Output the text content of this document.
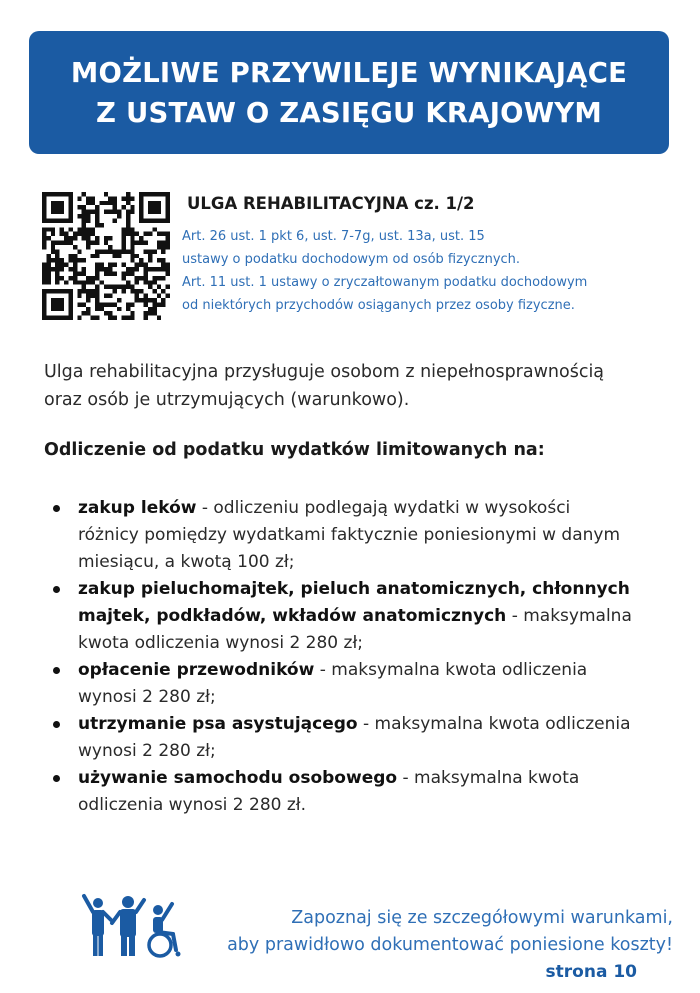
MOŻLIWE PRZYWILEJE WYNIKAJĄCE
Z USTAW O ZASIĘGU KRAJOWYM
ULGA REHABILITACYJNA cz. 1/2
Art. 26 ust. 1 pkt 6, ust. 7-7g, ust. 13a, ust. 15
ustawy o podatku dochodowym od osób fizycznych.
Art. 11 ust. 1 ustawy o zryczałtowanym podatku dochodowym
od niektórych przychodów osiąganych przez osoby fizyczne.
Ulga rehabilitacyjna przysługuje osobom z niepełnosprawnością
oraz osób je utrzymujących (warunkowo).
Odliczenie od podatku wydatków limitowanych na:
zakup leków - odliczeniu podlegają wydatki w wysokości
różnicy pomiędzy wydatkami faktycznie poniesionymi w danym
miesiącu, a kwotą 100 zł;
zakup pieluchomajtek, pieluch anatomicznych, chłonnych
majtek, podkładów, wkładów anatomicznych - maksymalna
kwota odliczenia wynosi 2 280 zł;
opłacenie przewodników - maksymalna kwota odliczenia
wynosi 2 280 zł;
utrzymanie psa asystującego - maksymalna kwota odliczenia
wynosi 2 280 zł;
używanie samochodu osobowego - maksymalna kwota
odliczenia wynosi 2 280 zł.
Zapoznaj się ze szczegółowymi warunkami,
aby prawidłowo dokumentować poniesione koszty!
strona 10
